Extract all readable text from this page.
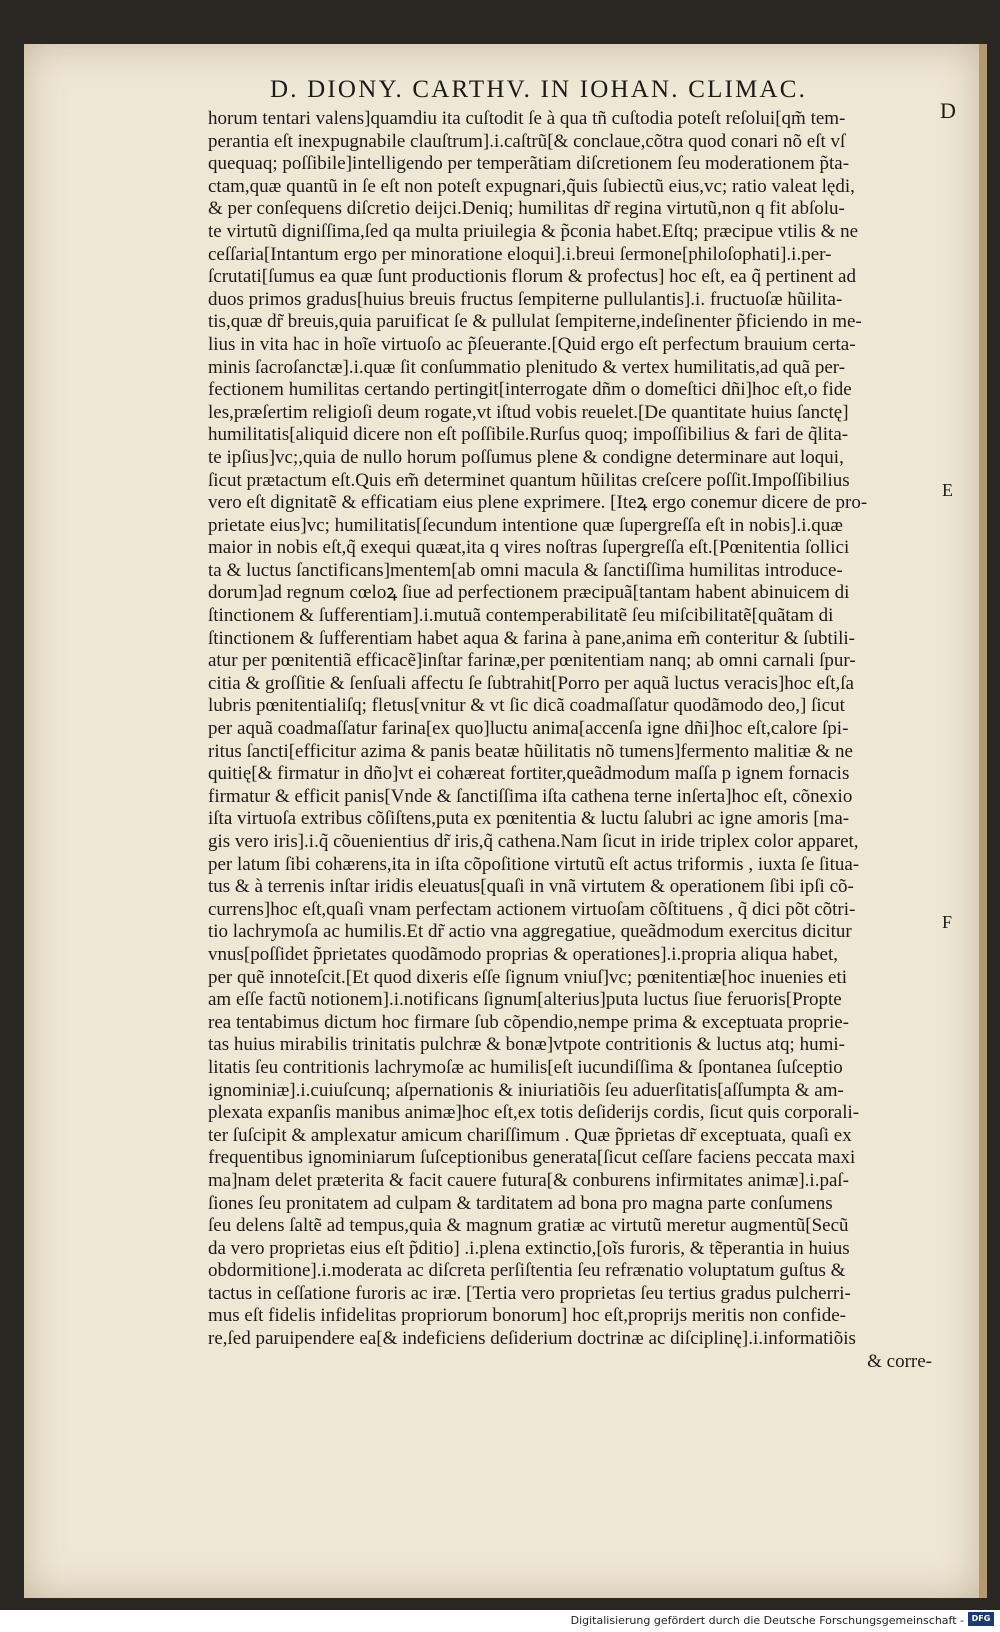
D. DIONY. CARTHV. IN IOHAN. CLIMAC.
D
E
F
horum tentari valens]quamdiu ita cuſtodit ſe à qua tñ cuſtodia poteſt reſolui[qm̃ tem-
perantia eſt inexpugnabile clauſtrum].i.caſtrũ[& conclaue,cõtra quod conari nõ eſt vſ
quequaq; poſſibile]intelligendo per temperãtiam diſcretionem ſeu moderationem p̃ta-
ctam,quæ quantũ in ſe eſt non poteſt expugnari,q̃uis ſubiectũ eius,vc; ratio valeat lędi,
& per conſequens diſcretio deijci.Deniq; humilitas dr̃ regina virtutũ,non q fit abſolu-
te virtutũ digniſſima,ſed qa multa priuilegia & p̃conia habet.Eſtq; præcipue vtilis & ne
ceſſaria[Intantum ergo per minoratione eloqui].i.breui ſermone[philoſophati].i.per-
ſcrutati[ſumus ea quæ ſunt productionis florum & profectus] hoc eſt, ea q̃ pertinent ad
duos primos gradus[huius breuis fructus ſempiterne pullulantis].i. fructuoſæ hũilita-
tis,quæ dr̃ breuis,quia paruificat ſe & pullulat ſempiterne,indeſinenter p̃ficiendo in me-
lius in vita hac in hoĩe virtuoſo ac p̃ſeuerante.[Quid ergo eſt perfectum brauium certa-
minis ſacroſanctæ].i.quæ ſit conſummatio plenitudo & vertex humilitatis,ad quã per-
fectionem humilitas certando pertingit[interrogate dñm o domeſtici dñi]hoc eſt,o fide
les,præſertim religioſi deum rogate,vt iſtud vobis reuelet.[De quantitate huius ſanctę]
humilitatis[aliquid dicere non eſt poſſibile.Rurſus quoq; impoſſibilius & fari de q̃lita-
te ipſius]vc;,quia de nullo horum poſſumus plene & condigne determinare aut loqui,
ſicut prætactum eſt.Quis em̃ determinet quantum hũilitas creſcere poſſit.Impoſſibilius
vero eſt dignitatẽ & efficatiam eius plene exprimere. [Iteꝝ ergo conemur dicere de pro-
prietate eius]vc; humilitatis[ſecundum intentione quæ ſupergreſſa eſt in nobis].i.quæ
maior in nobis eſt,q̃ exequi quæat,ita q vires noſtras ſupergreſſa eſt.[Pœnitentia ſollici
ta & luctus ſanctificans]mentem[ab omni macula & ſanctiſſima humilitas introduce-
dorum]ad regnum cœloꝝ ſiue ad perfectionem præcipuã[tantam habent abinuicem di
ſtinctionem & ſufferentiam].i.mutuã contemperabilitatẽ ſeu miſcibilitatẽ[quãtam di
ſtinctionem & ſufferentiam habet aqua & farina à pane,anima em̃ conteritur & ſubtili-
atur per pœnitentiã efficacẽ]inſtar farinæ,per pœnitentiam nanq; ab omni carnali ſpur-
citia & groſſitie & ſenſuali affectu ſe ſubtrahit[Porro per aquã luctus veracis]hoc eſt,ſa
lubris pœnitentialiſq; fletus[vnitur & vt ſic dicã coadmaſſatur quodãmodo deo,] ſicut
per aquã coadmaſſatur farina[ex quo]luctu anima[accenſa igne dñi]hoc eſt,calore ſpi-
ritus ſancti[efficitur azima & panis beatæ hũilitatis nõ tumens]fermento malitiæ & ne
quitię[& firmatur in dño]vt ei cohæreat fortiter,queãdmodum maſſa p ignem fornacis
firmatur & efficit panis[Vnde & ſanctiſſima iſta cathena terne inſerta]hoc eſt, cõnexio
iſta virtuoſa extribus cõſiſtens,puta ex pœnitentia & luctu ſalubri ac igne amoris [ma-
gis vero iris].i.q̃ cõuenientius dr̃ iris,q̃ cathena.Nam ſicut in iride triplex color apparet,
per latum ſibi cohærens,ita in iſta cõpoſitione virtutũ eſt actus triformis , iuxta ſe ſitua-
tus & à terrenis inſtar iridis eleuatus[quaſi in vnã virtutem & operationem ſibi ipſi cõ-
currens]hoc eſt,quaſi vnam perfectam actionem virtuoſam cõſtituens , q̃ dici põt cõtri-
tio lachrymoſa ac humilis.Et dr̃ actio vna aggregatiue, queãdmodum exercitus dicitur
vnus[poſſidet p̃prietates quodãmodo proprias & operationes].i.propria aliqua habet,
per quẽ innoteſcit.[Et quod dixeris eſſe ſignum vniuſ]vc; pœnitentiæ[hoc inuenies eti
am eſſe factũ notionem].i.notificans ſignum[alterius]puta luctus ſiue feruoris[Propte
rea tentabimus dictum hoc firmare ſub cõpendio,nempe prima & exceptuata proprie-
tas huius mirabilis trinitatis pulchræ & bonæ]vtpote contritionis & luctus atq; humi-
litatis ſeu contritionis lachrymoſæ ac humilis[eſt iucundiſſima & ſpontanea ſuſceptio
ignominiæ].i.cuiuſcunq; aſpernationis & iniuriatiõis ſeu aduerſitatis[aſſumpta & am-
plexata expanſis manibus animæ]hoc eſt,ex totis deſiderijs cordis, ſicut quis corporali-
ter ſuſcipit & amplexatur amicum chariſſimum . Quæ p̃prietas dr̃ exceptuata, quaſi ex
frequentibus ignominiarum ſuſceptionibus generata[ſicut ceſſare faciens peccata maxi
ma]nam delet præterita & facit cauere futura[& conburens infirmitates animæ].i.paſ-
ſiones ſeu pronitatem ad culpam & tarditatem ad bona pro magna parte conſumens
ſeu delens ſaltẽ ad tempus,quia & magnum gratiæ ac virtutũ meretur augmentũ[Secũ
da vero proprietas eius eſt p̃ditio] .i.plena extinctio,[oĩs furoris, & tẽperantia in huius
obdormitione].i.moderata ac diſcreta perſiſtentia ſeu refrænatio voluptatum guſtus &
tactus in ceſſatione furoris ac iræ. [Tertia vero proprietas ſeu tertius gradus pulcherri-
mus eſt fidelis infidelitas propriorum bonorum] hoc eſt,proprijs meritis non confide-
re,ſed paruipendere ea[& indeficiens deſiderium doctrinæ ac diſciplinę].i.informatiõis
& corre-
Digitalisierung gefördert durch die Deutsche Forschungsgemeinschaft - DFG
